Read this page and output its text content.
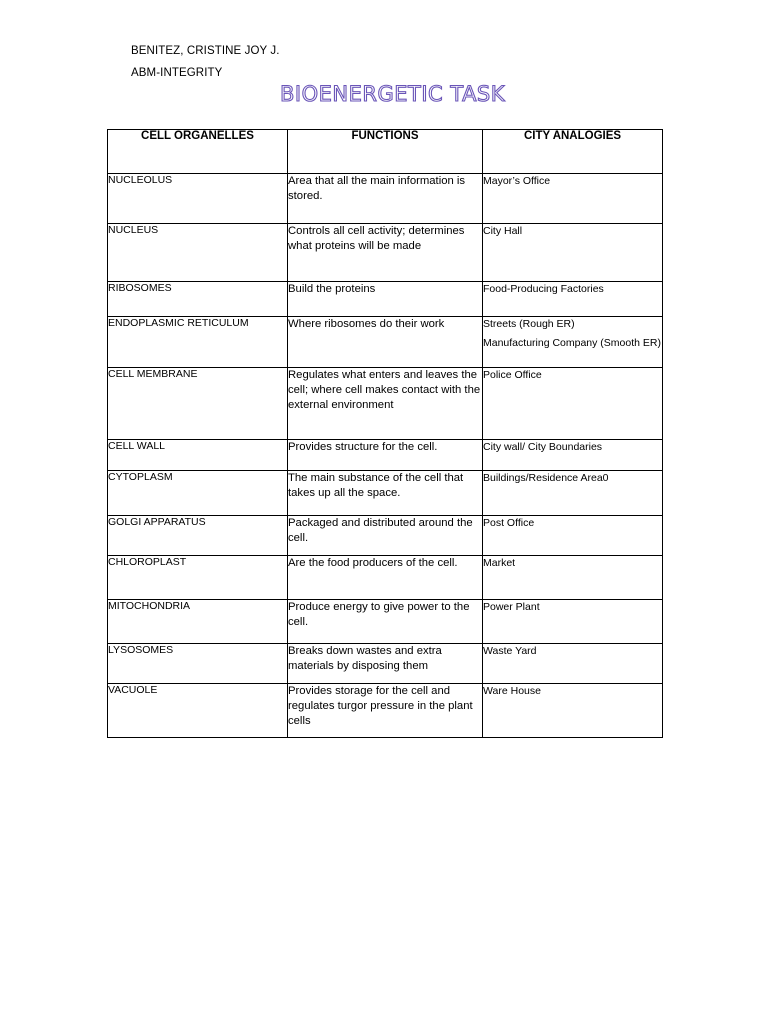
BENITEZ, CRISTINE JOY J.
ABM-INTEGRITY
BIOENERGETIC TASK
CELL ORGANELLES	FUNCTIONS	CITY ANALOGIES
NUCLEOLUS	Area that all the main information is stored.	Mayor’s Office

NUCLEUS	Controls all cell activity; determines what proteins will be made	City Hall

RIBOSOMES	Build the proteins	Food-Producing Factories

ENDOPLASMIC RETICULUM	Where ribosomes do their work	Streets (Rough ER)
Manufacturing Company (Smooth ER)

CELL MEMBRANE	Regulates what enters and leaves the cell; where cell makes contact with the external environment	Police Office

CELL WALL	Provides structure for the cell.	City wall/ City Boundaries

CYTOPLASM	The main substance of the cell that takes up all the space.	Buildings/Residence Area0

GOLGI APPARATUS	Packaged and distributed around the cell.	Post Office

CHLOROPLAST	Are the food producers of the cell.	Market

MITOCHONDRIA	Produce energy to give power to the cell.	Power Plant

LYSOSOMES	Breaks down wastes and extra materials by disposing them	Waste Yard

VACUOLE	Provides storage for the cell and regulates turgor pressure in the plant cells	Ware House
